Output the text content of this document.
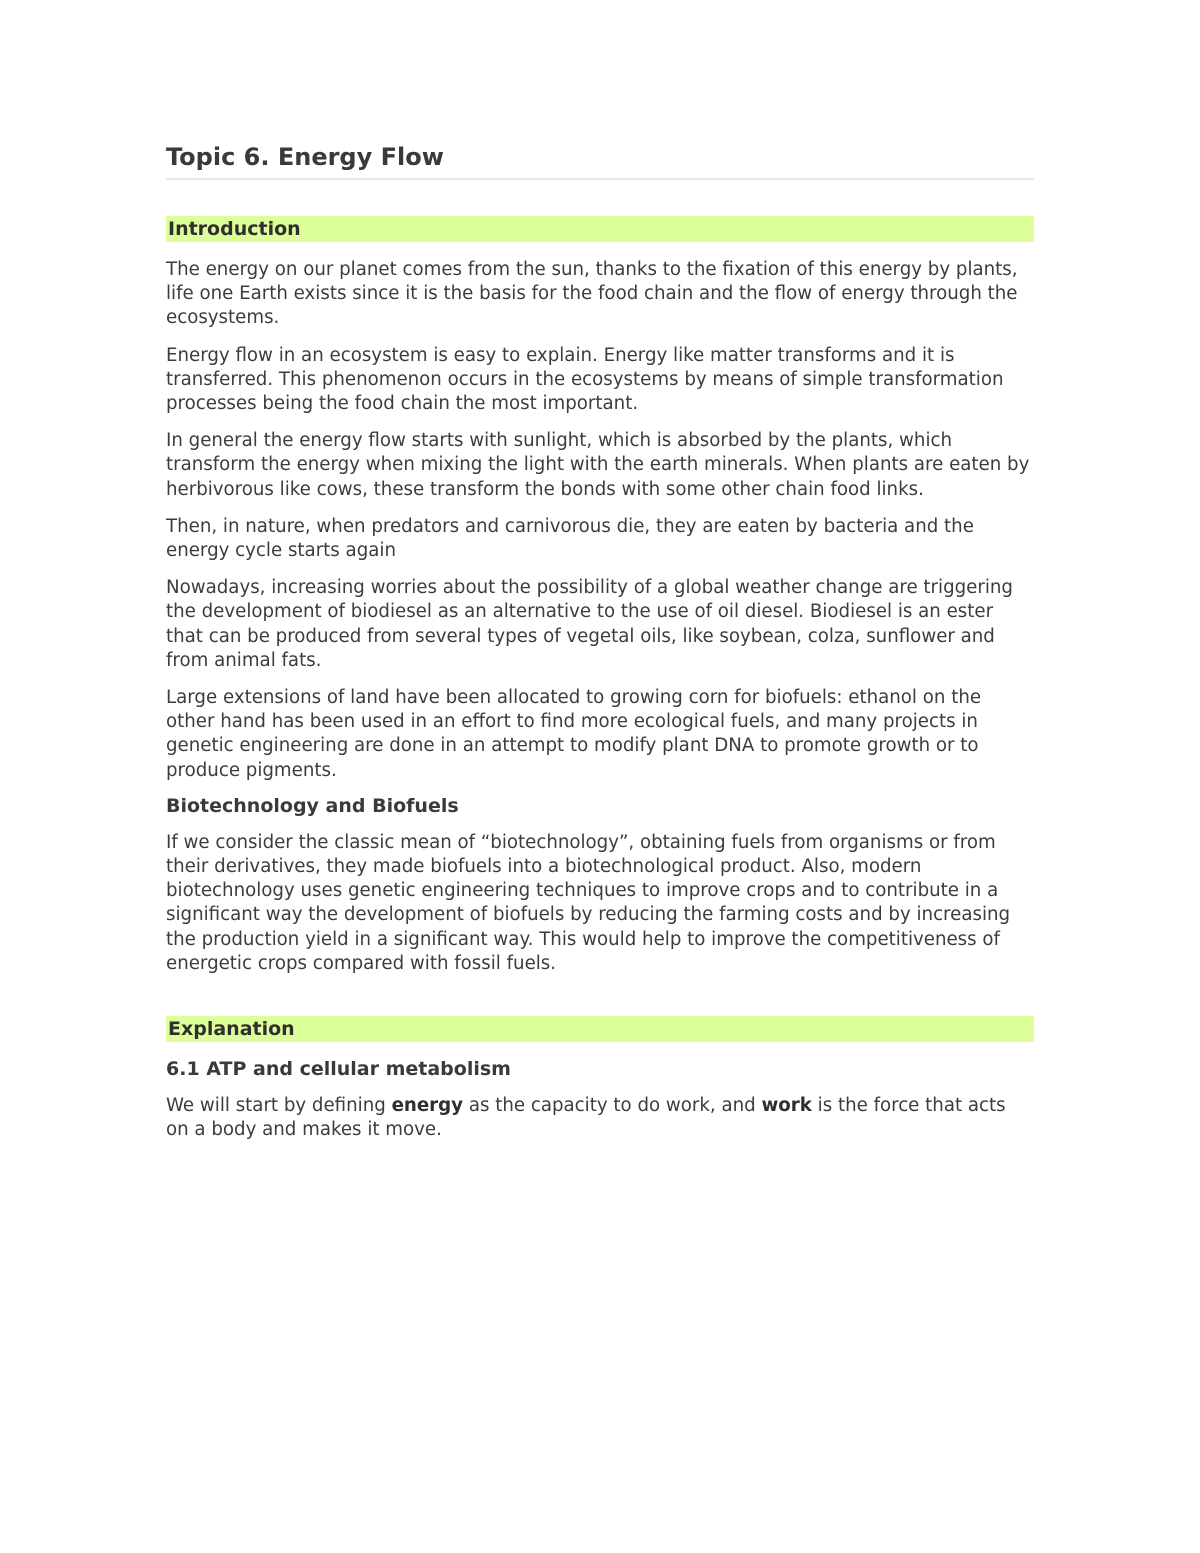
Topic 6. Energy Flow
Introduction

The energy on our planet comes from the sun, thanks to the fixation of this energy by plants, life one Earth exists since it is the basis for the food chain and the flow of energy through the ecosystems.

Energy flow in an ecosystem is easy to explain. Energy like matter transforms and it is transferred. This phenomenon occurs in the ecosystems by means of simple transformation processes being the food chain the most important.

In general the energy flow starts with sunlight, which is absorbed by the plants, which transform the energy when mixing the light with the earth minerals. When plants are eaten by herbivorous like cows, these transform the bonds with some other chain food links.

Then, in nature, when predators and carnivorous die, they are eaten by bacteria and the energy cycle starts again

Nowadays, increasing worries about the possibility of a global weather change are triggering the development of biodiesel as an alternative to the use of oil diesel. Biodiesel is an ester that can be produced from several types of vegetal oils, like soybean, colza, sunflower and from animal fats.

Large extensions of land have been allocated to growing corn for biofuels: ethanol on the other hand has been used in an effort to find more ecological fuels, and many projects in genetic engineering are done in an attempt to modify plant DNA to promote growth or to produce pigments.

Biotechnology and Biofuels

If we consider the classic mean of “biotechnology”, obtaining fuels from organisms or from their derivatives, they made biofuels into a biotechnological product. Also, modern biotechnology uses genetic engineering techniques to improve crops and to contribute in a significant way the development of biofuels by reducing the farming costs and by increasing the production yield in a significant way. This would help to improve the competitiveness of energetic crops compared with fossil fuels.

Explanation
6.1 ATP and cellular metabolism

We will start by defining energy as the capacity to do work, and work is the force that acts on a body and makes it move.
